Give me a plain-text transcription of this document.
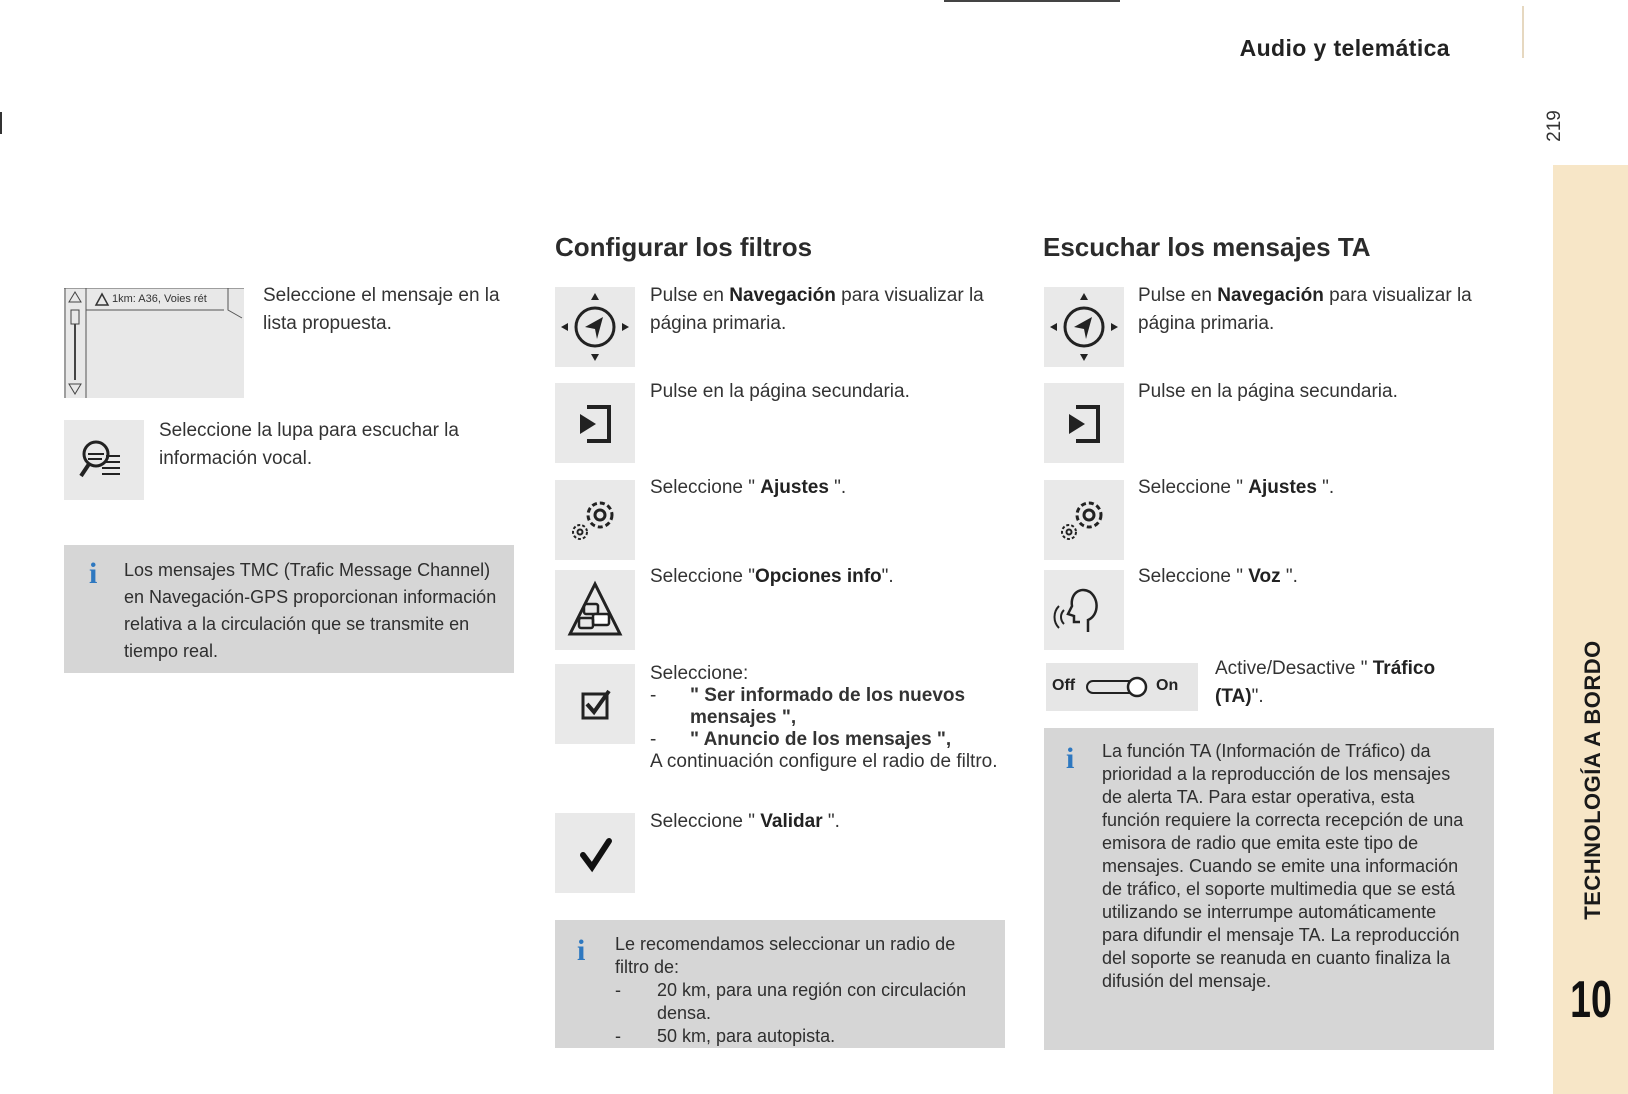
Audio y telemática
219
TECHNOLOGÍA A BORDO
10
1km: A36, Voies rét	Seleccione el mensaje en la lista propuesta.
Seleccione la lupa para escuchar la información vocal.
i Los mensajes TMC (Trafic Message Channel) en Navegación-GPS proporcionan información relativa a la circulación que se transmite en tiempo real.
Configurar los filtros
Pulse en Navegación para visualizar la página primaria.
Pulse en la página secundaria.
Seleccione " Ajustes ".
Seleccione "Opciones info".
Seleccione:
- " Ser informado de los nuevos mensajes ",
- " Anuncio de los mensajes ",
A continuación configure el radio de filtro.
Seleccione " Validar ".
i Le recomendamos seleccionar un radio de filtro de:
- 20 km, para una región con circulación densa.
- 50 km, para autopista.
Escuchar los mensajes TA
Pulse en Navegación para visualizar la página primaria.
Pulse en la página secundaria.
Seleccione " Ajustes ".
Seleccione " Voz ".
Off	On
Active/Desactive " Tráfico (TA)".
i La función TA (Información de Tráfico) da prioridad a la reproducción de los mensajes de alerta TA. Para estar operativa, esta función requiere la correcta recepción de una emisora de radio que emita este tipo de mensajes. Cuando se emite una información de tráfico, el soporte multimedia que se está utilizando se interrumpe automáticamente para difundir el mensaje TA. La reproducción del soporte se reanuda en cuanto finaliza la difusión del mensaje.
